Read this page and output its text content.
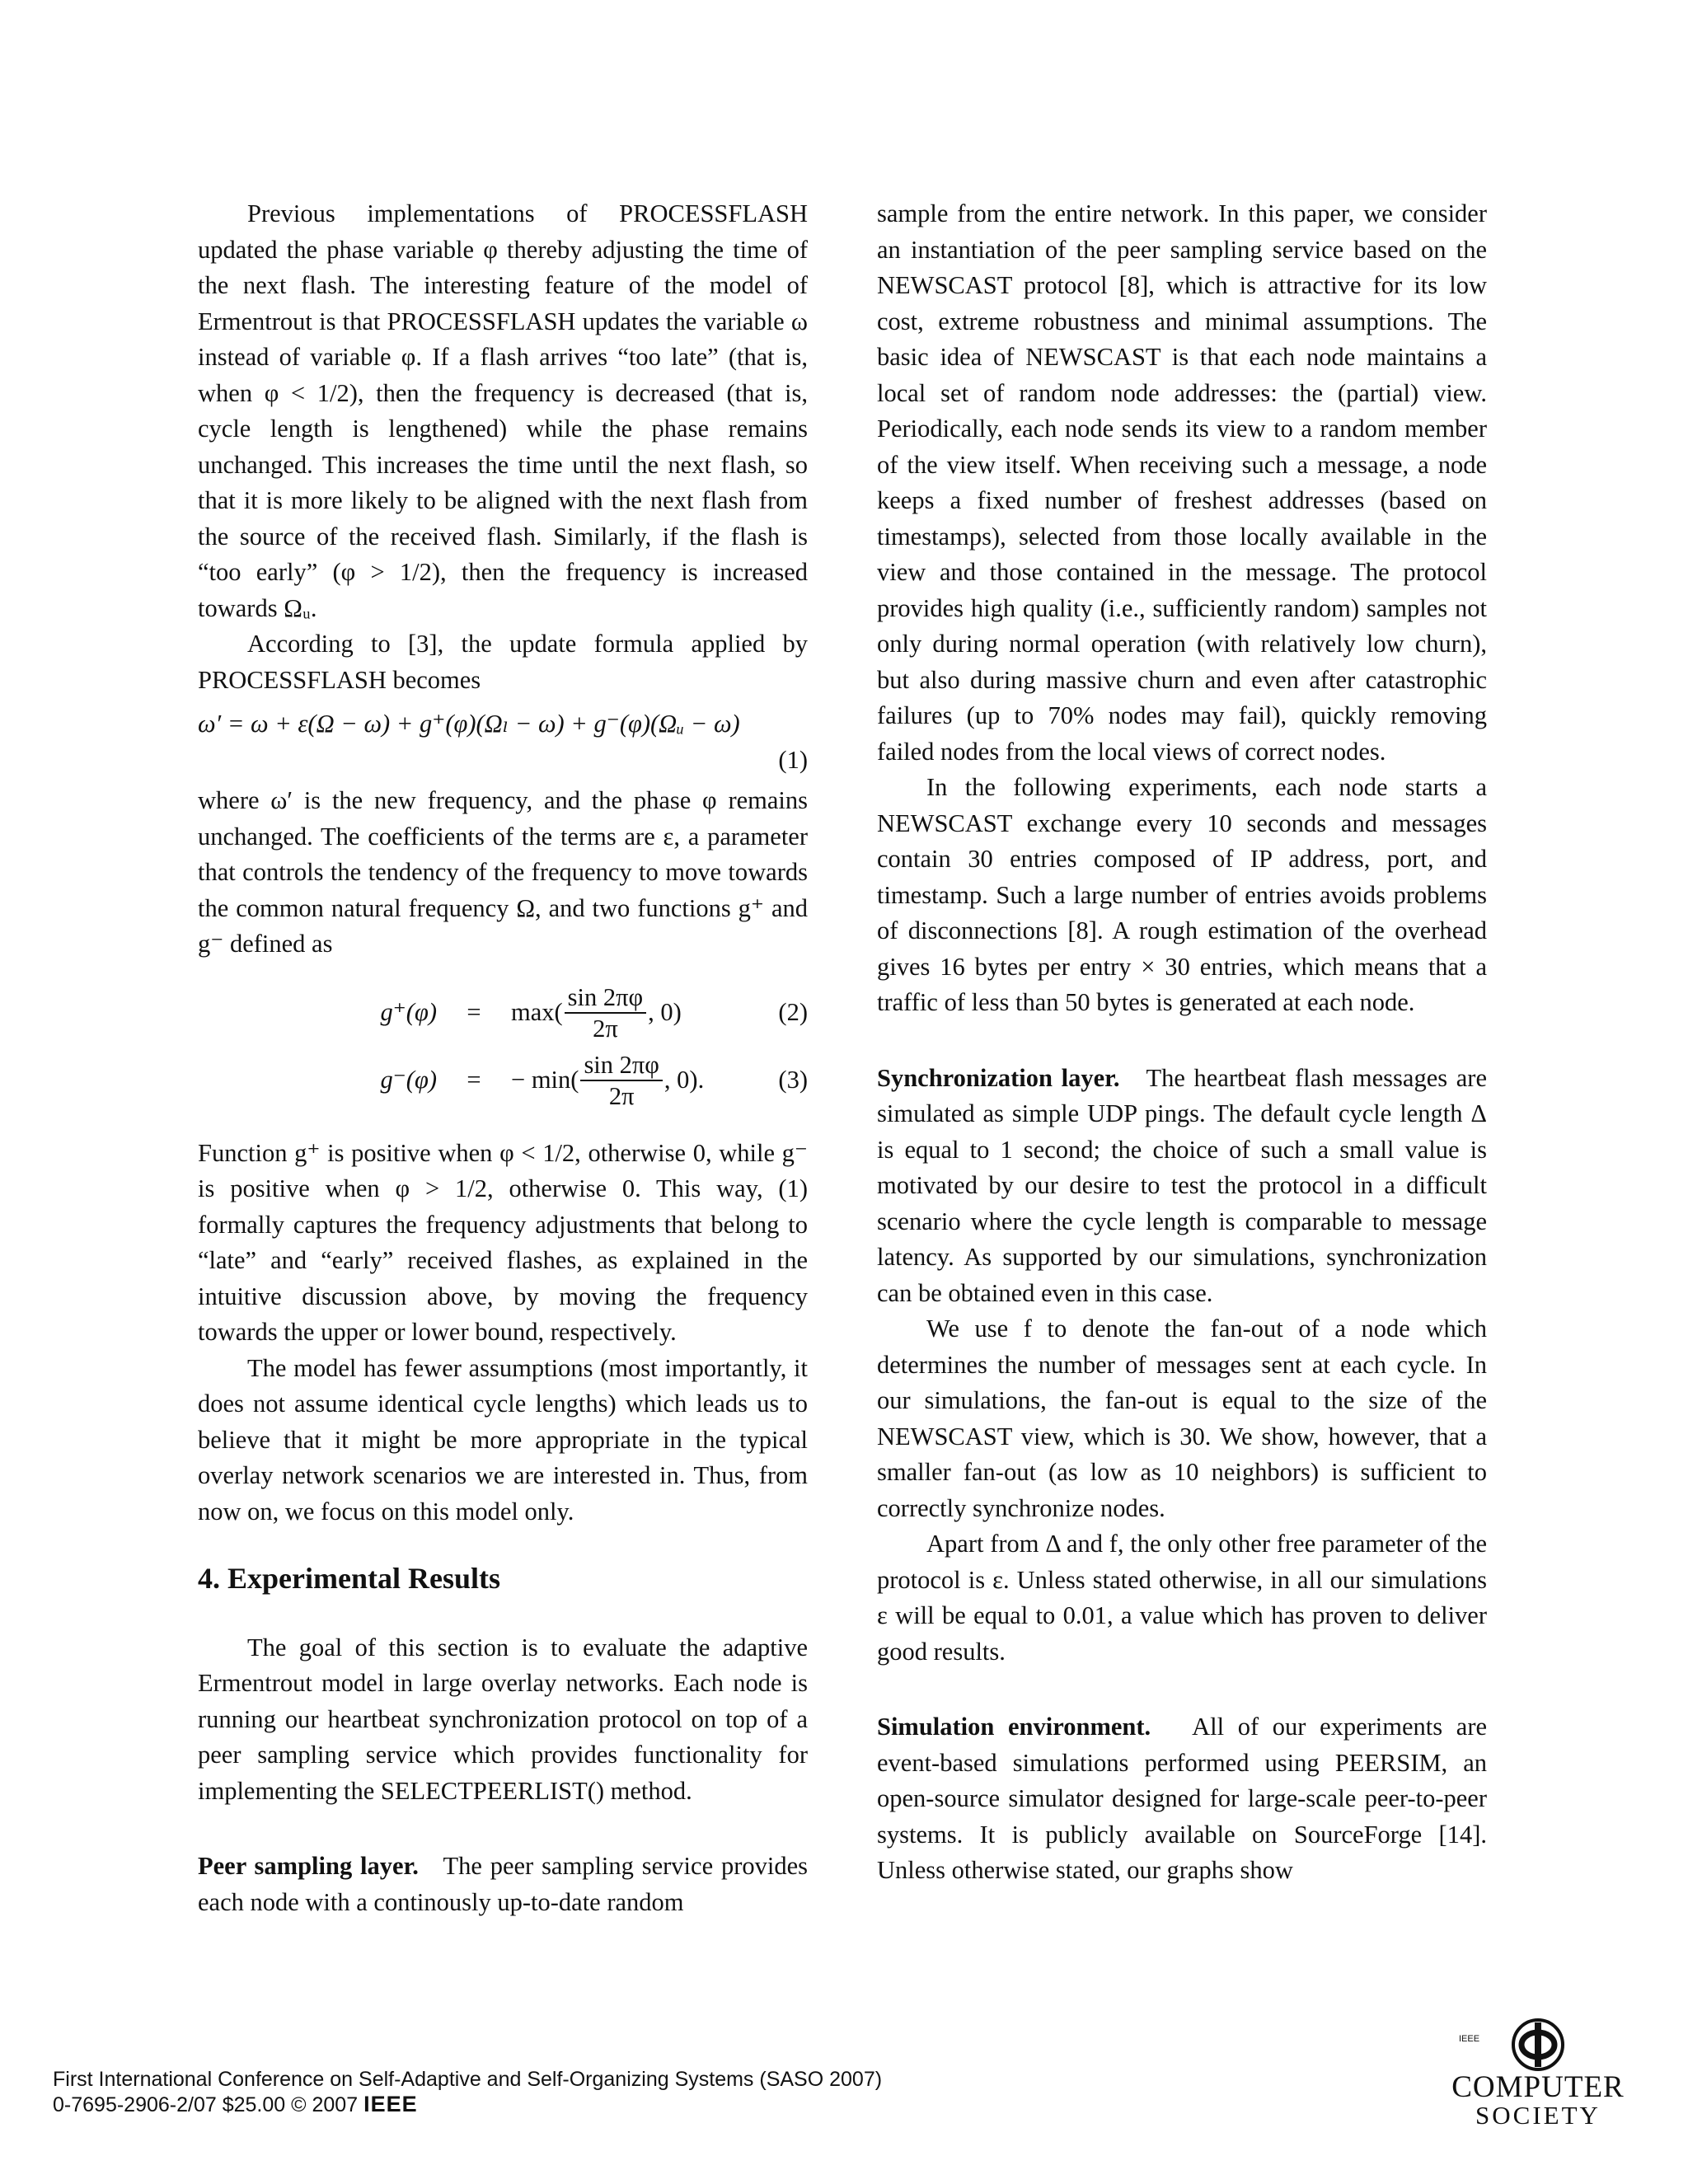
Previous implementations of PROCESSFLASH updated the phase variable φ thereby adjusting the time of the next flash. The interesting feature of the model of Ermentrout is that PROCESSFLASH updates the variable ω instead of variable φ. If a flash arrives “too late” (that is, when φ < 1/2), then the frequency is decreased (that is, cycle length is lengthened) while the phase remains unchanged. This increases the time until the next flash, so that it is more likely to be aligned with the next flash from the source of the received flash. Similarly, if the flash is “too early” (φ > 1/2), then the frequency is increased towards Ωᵤ.

According to [3], the update formula applied by PROCESSFLASH becomes

ω′ = ω + ε(Ω − ω) + g⁺(φ)(Ωₗ − ω) + g⁻(φ)(Ωᵤ − ω)
(1)

where ω′ is the new frequency, and the phase φ remains unchanged. The coefficients of the terms are ε, a parameter that controls the tendency of the frequency to move towards the common natural frequency Ω, and two functions g⁺ and g⁻ defined as

g⁺(φ)	=	$\max( \frac{\sin 2\pi\varphi}{2\pi}$ , 0)	(2)
g⁻(φ)	=	− $\min( \frac{\sin 2\pi\varphi}{2\pi}$ , 0).	(3)

Function g⁺ is positive when φ < 1/2, otherwise 0, while g⁻ is positive when φ > 1/2, otherwise 0. This way, (1) formally captures the frequency adjustments that belong to “late” and “early” received flashes, as explained in the intuitive discussion above, by moving the frequency towards the upper or lower bound, respectively.

The model has fewer assumptions (most importantly, it does not assume identical cycle lengths) which leads us to believe that it might be more appropriate in the typical overlay network scenarios we are interested in. Thus, from now on, we focus on this model only.

4. Experimental Results

The goal of this section is to evaluate the adaptive Ermentrout model in large overlay networks. Each node is running our heartbeat synchronization protocol on top of a peer sampling service which provides functionality for implementing the SELECTPEERLIST() method.

Peer sampling layer. The peer sampling service provides each node with a continously up-to-date random

sample from the entire network. In this paper, we consider an instantiation of the peer sampling service based on the NEWSCAST protocol [8], which is attractive for its low cost, extreme robustness and minimal assumptions. The basic idea of NEWSCAST is that each node maintains a local set of random node addresses: the (partial) view. Periodically, each node sends its view to a random member of the view itself. When receiving such a message, a node keeps a fixed number of freshest addresses (based on timestamps), selected from those locally available in the view and those contained in the message. The protocol provides high quality (i.e., sufficiently random) samples not only during normal operation (with relatively low churn), but also during massive churn and even after catastrophic failures (up to 70% nodes may fail), quickly removing failed nodes from the local views of correct nodes.

In the following experiments, each node starts a NEWSCAST exchange every 10 seconds and messages contain 30 entries composed of IP address, port, and timestamp. Such a large number of entries avoids problems of disconnections [8]. A rough estimation of the overhead gives 16 bytes per entry × 30 entries, which means that a traffic of less than 50 bytes is generated at each node.

Synchronization layer. The heartbeat flash messages are simulated as simple UDP pings. The default cycle length Δ is equal to 1 second; the choice of such a small value is motivated by our desire to test the protocol in a difficult scenario where the cycle length is comparable to message latency. As supported by our simulations, synchronization can be obtained even in this case.

We use f to denote the fan-out of a node which determines the number of messages sent at each cycle. In our simulations, the fan-out is equal to the size of the NEWSCAST view, which is 30. We show, however, that a smaller fan-out (as low as 10 neighbors) is sufficient to correctly synchronize nodes.

Apart from Δ and f, the only other free parameter of the protocol is ε. Unless stated otherwise, in all our simulations ε will be equal to 0.01, a value which has proven to deliver good results.

Simulation environment. All of our experiments are event-based simulations performed using PEERSIM, an open-source simulator designed for large-scale peer-to-peer systems. It is publicly available on SourceForge [14]. Unless otherwise stated, our graphs show

First International Conference on Self-Adaptive and Self-Organizing Systems (SASO 2007)
0-7695-2906-2/07 $25.00 © 2007 IEEE
IEEE
COMPUTER
SOCIETY
